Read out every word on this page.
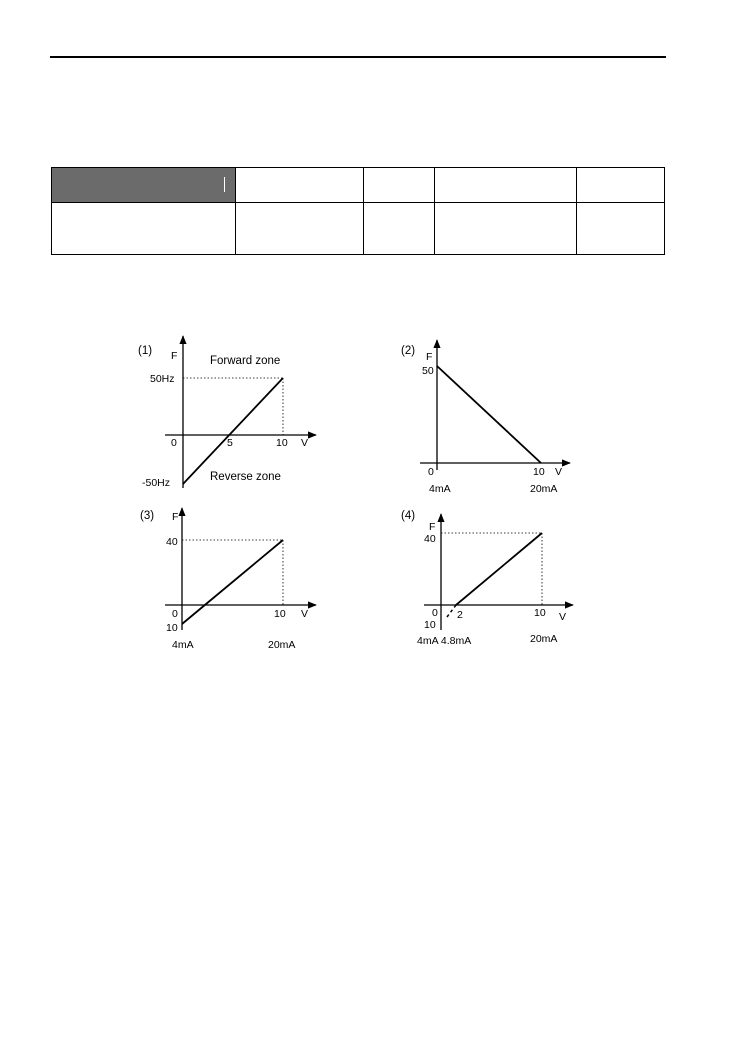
(1) F
V
Forward zone
Reverse zone
50Hz
-50Hz
0	5	10
(2) F
V
50
0	10
4mA	20mA
(3) F
V
40
10
0	10
4mA	20mA
(4)
F
V
40
10
0 2	10
4mA 4.8mA	20mA
